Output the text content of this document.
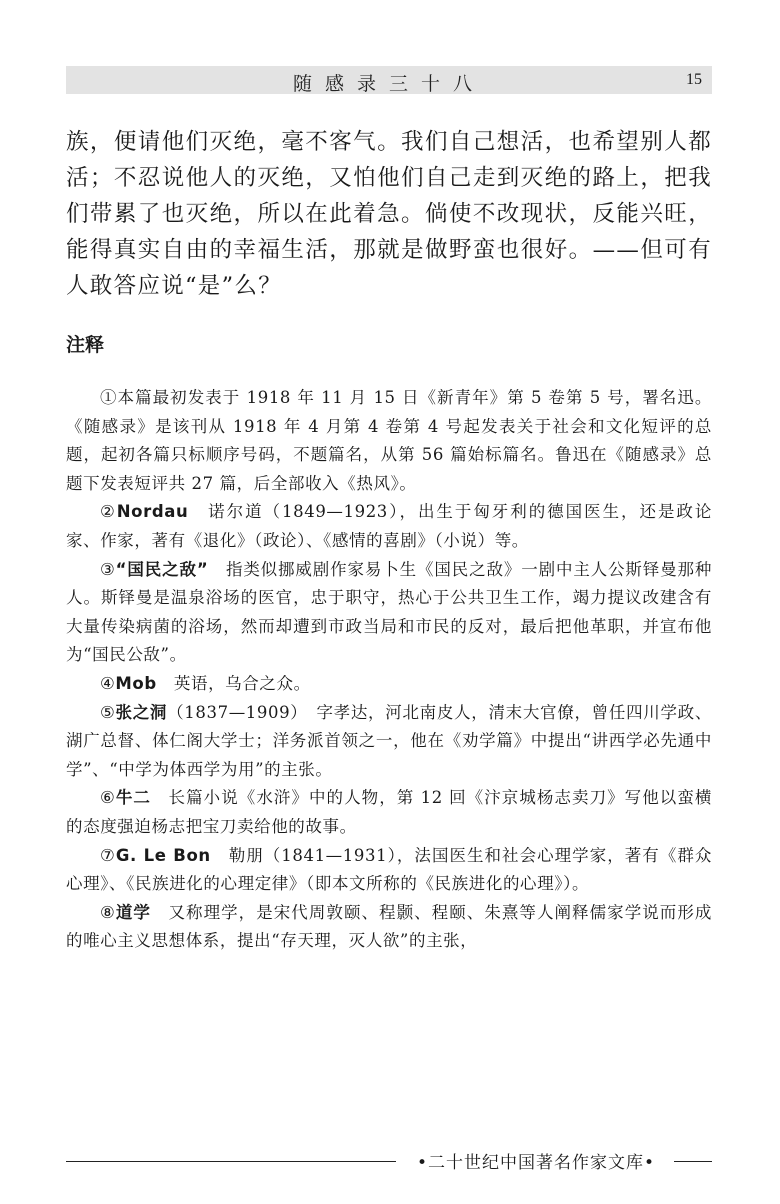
随感录三十八	15

族，便请他们灭绝，毫不客气。我们自己想活，也希望别人都活；不忍说他人的灭绝，又怕他们自己走到灭绝的路上，把我们带累了也灭绝，所以在此着急。倘使不改现状，反能兴旺，能得真实自由的幸福生活，那就是做野蛮也很好。——但可有人敢答应说“是”么？

注释

①本篇最初发表于 1918 年 11 月 15 日《新青年》第 5 卷第 5 号，署名迅。《随感录》是该刊从 1918 年 4 月第 4 卷第 4 号起发表关于社会和文化短评的总题，起初各篇只标顺序号码，不题篇名，从第 56 篇始标篇名。鲁迅在《随感录》总题下发表短评共 27 篇，后全部收入《热风》。

②Nordau　诺尔道（1849—1923），出生于匈牙利的德国医生，还是政论家、作家，著有《退化》（政论）、《感情的喜剧》（小说）等。

③“国民之敌”　指类似挪威剧作家易卜生《国民之敌》一剧中主人公斯铎曼那种人。斯铎曼是温泉浴场的医官，忠于职守，热心于公共卫生工作，竭力提议改建含有大量传染病菌的浴场，然而却遭到市政当局和市民的反对，最后把他革职，并宣布他为“国民公敌”。

④Mob　英语，乌合之众。

⑤张之洞（1837—1909）　字孝达，河北南皮人，清末大官僚，曾任四川学政、湖广总督、体仁阁大学士；洋务派首领之一，他在《劝学篇》中提出“讲西学必先通中学”、“中学为体西学为用”的主张。

⑥牛二　长篇小说《水浒》中的人物，第 12 回《汴京城杨志卖刀》写他以蛮横的态度强迫杨志把宝刀卖给他的故事。

⑦G. Le Bon　勒朋（1841—1931），法国医生和社会心理学家，著有《群众心理》、《民族进化的心理定律》（即本文所称的《民族进化的心理》）。

⑧道学　又称理学，是宋代周敦颐、程颢、程颐、朱熹等人阐释儒家学说而形成的唯心主义思想体系，提出“存天理，灭人欲”的主张，

•二十世纪中国著名作家文库•
